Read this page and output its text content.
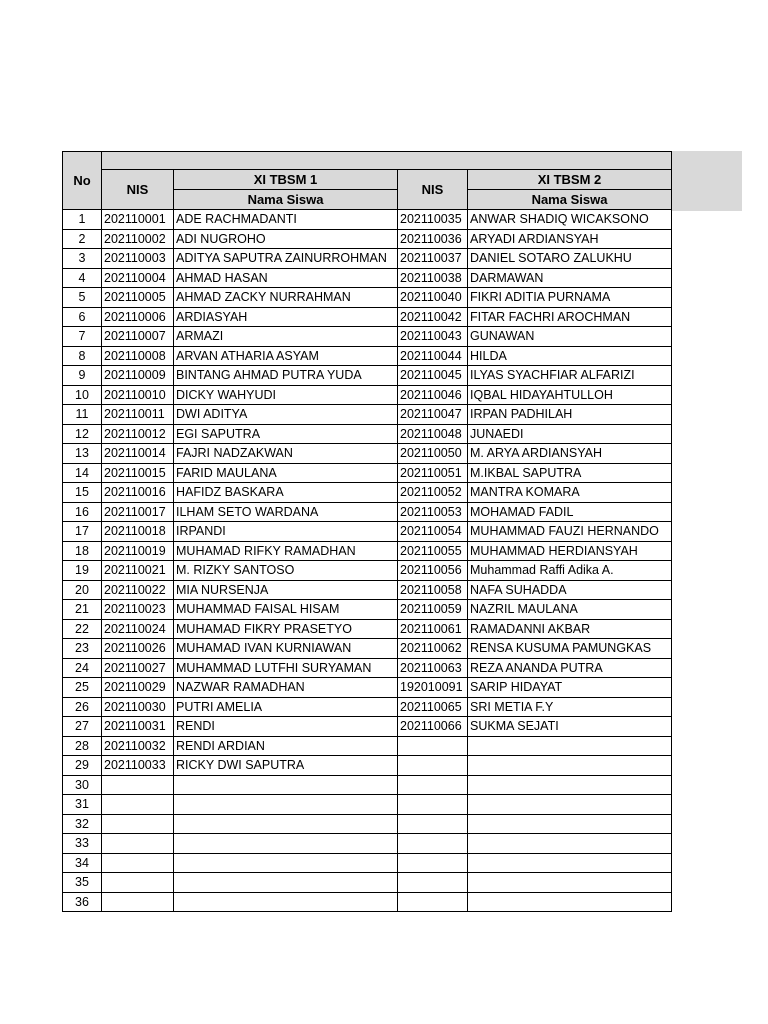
No				
	NIS	XI TBSM 1	NIS	XI TBSM 2
		Nama Siswa		Nama Siswa
1	202110001	ADE RACHMADANTI	202110035	ANWAR SHADIQ WICAKSONO
2	202110002	ADI NUGROHO	202110036	ARYADI ARDIANSYAH
3	202110003	ADITYA SAPUTRA ZAINURROHMAN	202110037	DANIEL SOTARO ZALUKHU
4	202110004	AHMAD HASAN	202110038	DARMAWAN
5	202110005	AHMAD ZACKY NURRAHMAN	202110040	FIKRI ADITIA PURNAMA
6	202110006	ARDIASYAH	202110042	FITAR FACHRI AROCHMAN
7	202110007	ARMAZI	202110043	GUNAWAN
8	202110008	ARVAN ATHARIA ASYAM	202110044	HILDA
9	202110009	BINTANG AHMAD PUTRA YUDA	202110045	ILYAS SYACHFIAR ALFARIZI
10	202110010	DICKY WAHYUDI	202110046	IQBAL HIDAYAHTULLOH
11	202110011	DWI ADITYA	202110047	IRPAN PADHILAH
12	202110012	EGI SAPUTRA	202110048	JUNAEDI
13	202110014	FAJRI NADZAKWAN	202110050	M. ARYA ARDIANSYAH
14	202110015	FARID MAULANA	202110051	M.IKBAL SAPUTRA
15	202110016	HAFIDZ BASKARA	202110052	MANTRA KOMARA
16	202110017	ILHAM SETO WARDANA	202110053	MOHAMAD FADIL
17	202110018	IRPANDI	202110054	MUHAMMAD FAUZI HERNANDO
18	202110019	MUHAMAD RIFKY RAMADHAN	202110055	MUHAMMAD HERDIANSYAH
19	202110021	M. RIZKY SANTOSO	202110056	Muhammad Raffi Adika A.
20	202110022	MIA NURSENJA	202110058	NAFA SUHADDA
21	202110023	MUHAMMAD FAISAL HISAM	202110059	NAZRIL MAULANA
22	202110024	MUHAMAD FIKRY PRASETYO	202110061	RAMADANNI AKBAR
23	202110026	MUHAMAD IVAN KURNIAWAN	202110062	RENSA KUSUMA PAMUNGKAS
24	202110027	MUHAMMAD LUTFHI SURYAMAN	202110063	REZA ANANDA PUTRA
25	202110029	NAZWAR RAMADHAN	192010091	SARIP HIDAYAT
26	202110030	PUTRI AMELIA	202110065	SRI METIA F.Y
27	202110031	RENDI	202110066	SUKMA SEJATI
28	202110032	RENDI ARDIAN		
29	202110033	RICKY DWI SAPUTRA		
30				
31				
32				
33				
34				
35				
36				
